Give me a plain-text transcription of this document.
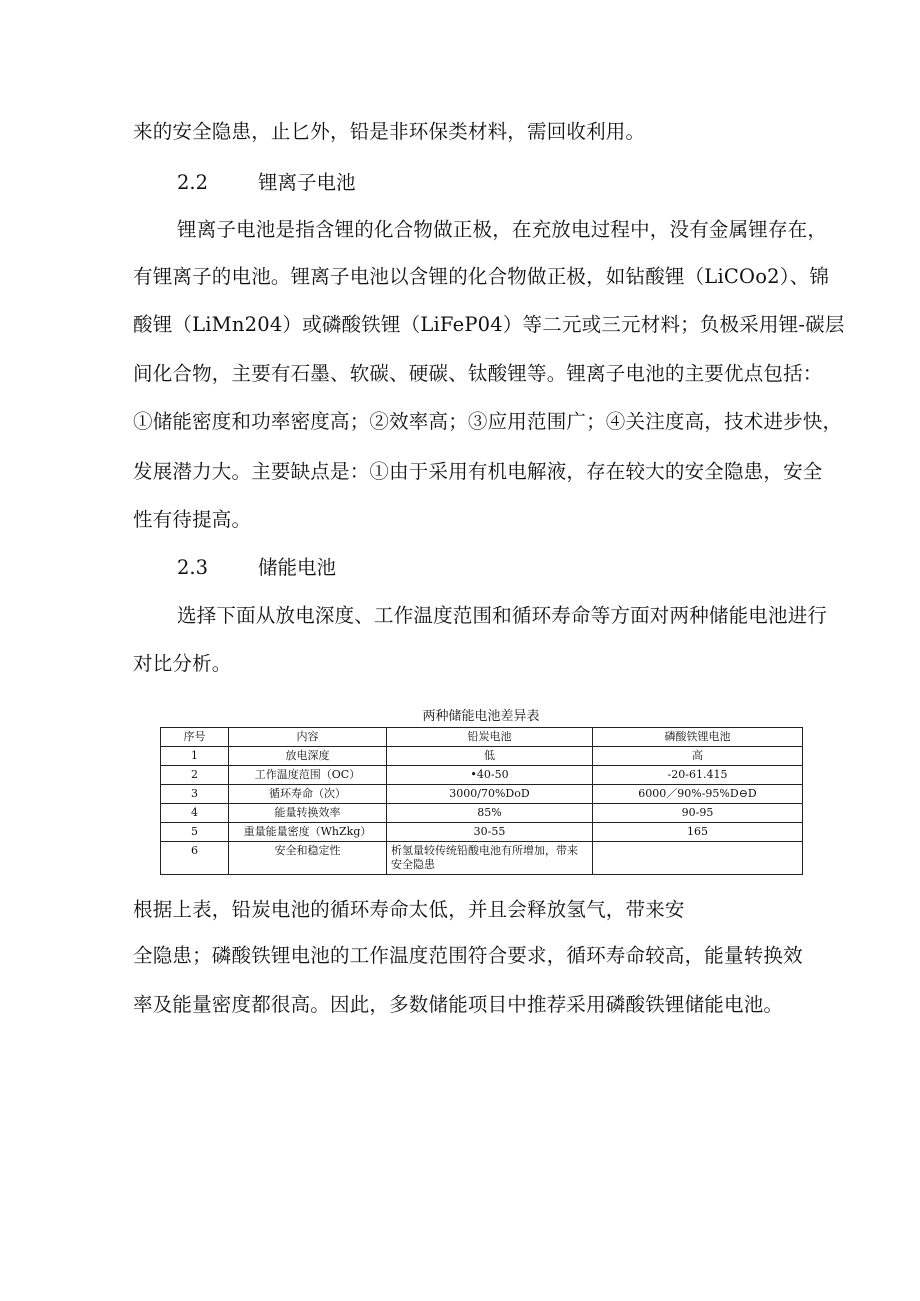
来的安全隐患，止匕外，铅是非环保类材料，需回收利用。
2.2	锂离子电池
锂离子电池是指含锂的化合物做正极，在充放电过程中，没有金属锂存在，
有锂离子的电池。锂离子电池以含锂的化合物做正极，如钻酸锂（LiCOo2）、锦
酸锂（LiMn204）或磷酸铁锂（LiFeP04）等二元或三元材料；负极采用锂-碳层
间化合物，主要有石墨、软碳、硬碳、钛酸锂等。锂离子电池的主要优点包括：
①储能密度和功率密度高；②效率高；③应用范围广；④关注度高，技术进步快，
发展潜力大。主要缺点是：①由于采用有机电解液，存在较大的安全隐患，安全
性有待提高。
2.3	储能电池
选择下面从放电深度、工作温度范围和循环寿命等方面对两种储能电池进行
对比分析。
两种储能电池差异表
序号	内容	铅炭电池	磷酸铁锂电池
1	放电深度	低	高
2	工作温度范围（OC）	•40-50	-20-61.415
3	循环寿命（次）	3000/70%DoD	6000／90%-95%D⊖D
4	能量转换效率	85%	90-95
5	重量能量密度（WhZkg）	30-55	165
6	安全和稳定性	析氢量较传统铅酸电池有所增加，带来安全隐患	
根据上表，铅炭电池的循环寿命太低，并且会释放氢气，带来安
全隐患；磷酸铁锂电池的工作温度范围符合要求，循环寿命较高，能量转换效
率及能量密度都很高。因此，多数储能项目中推荐采用磷酸铁锂储能电池。
